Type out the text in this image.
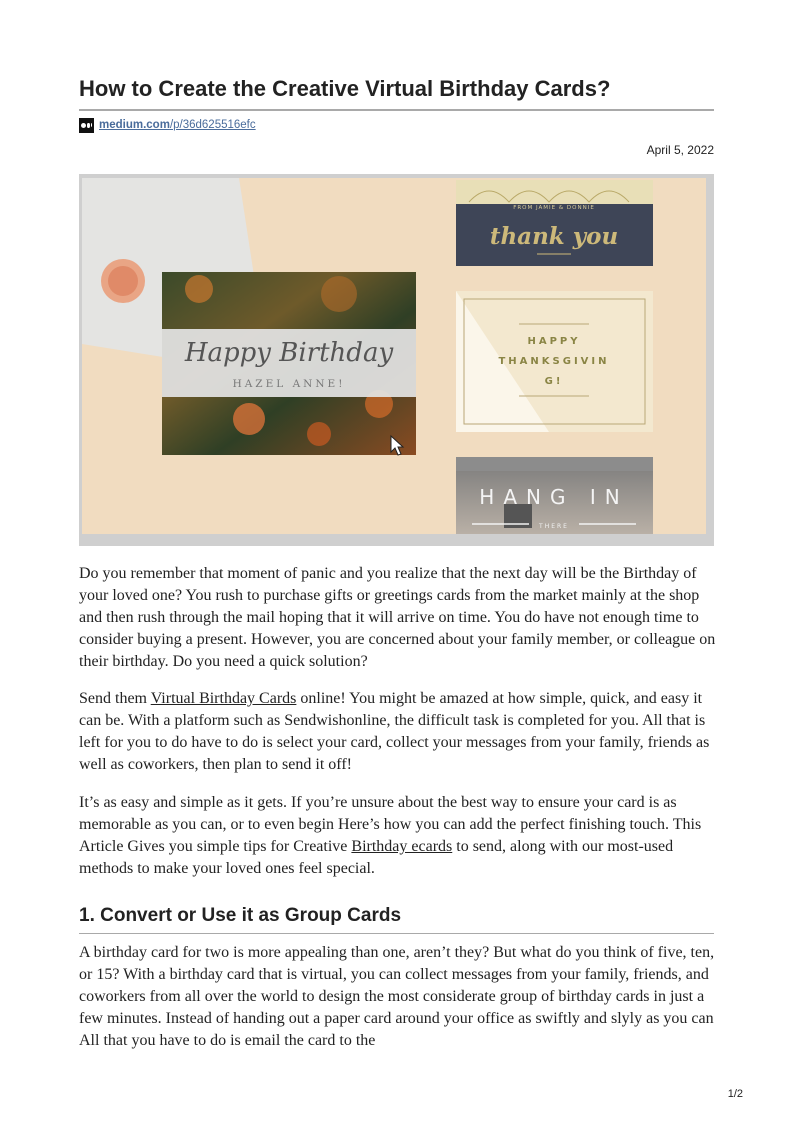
How to Create the Creative Virtual Birthday Cards?
medium.com /p/36d625516efc
April 5, 2022
Happy Birthday
HAZEL ANNE!
FROM JAMIE & DONNIE
thank you
HAPPY
THANKSGIVIN
G!
HANG IN
THERE

Do you remember that moment of panic and you realize that the next day will be the Birthday of your loved one? You rush to purchase gifts or greetings cards from the market mainly at the shop and then rush through the mail hoping that it will arrive on time. You do have not enough time to consider buying a present. However, you are concerned about your family member, or colleague on their birthday. Do you need a quick solution?

Send them Virtual Birthday Cards online! You might be amazed at how simple, quick, and easy it can be. With a platform such as Sendwishonline, the difficult task is completed for you. All that is left for you to do have to do is select your card, collect your messages from your family, friends as well as coworkers, then plan to send it off!

It’s as easy and simple as it gets. If you’re unsure about the best way to ensure your card is as memorable as you can, or to even begin Here’s how you can add the perfect finishing touch. This Article Gives you simple tips for Creative Birthday ecards to send, along with our most-used methods to make your loved ones feel special.

1. Convert or Use it as Group Cards

A birthday card for two is more appealing than one, aren’t they? But what do you think of five, ten, or 15? With a birthday card that is virtual, you can collect messages from your family, friends, and coworkers from all over the world to design the most considerate group of birthday cards in just a few minutes. Instead of handing out a paper card around your office as swiftly and slyly as you can All that you have to do is email the card to the

1/2
